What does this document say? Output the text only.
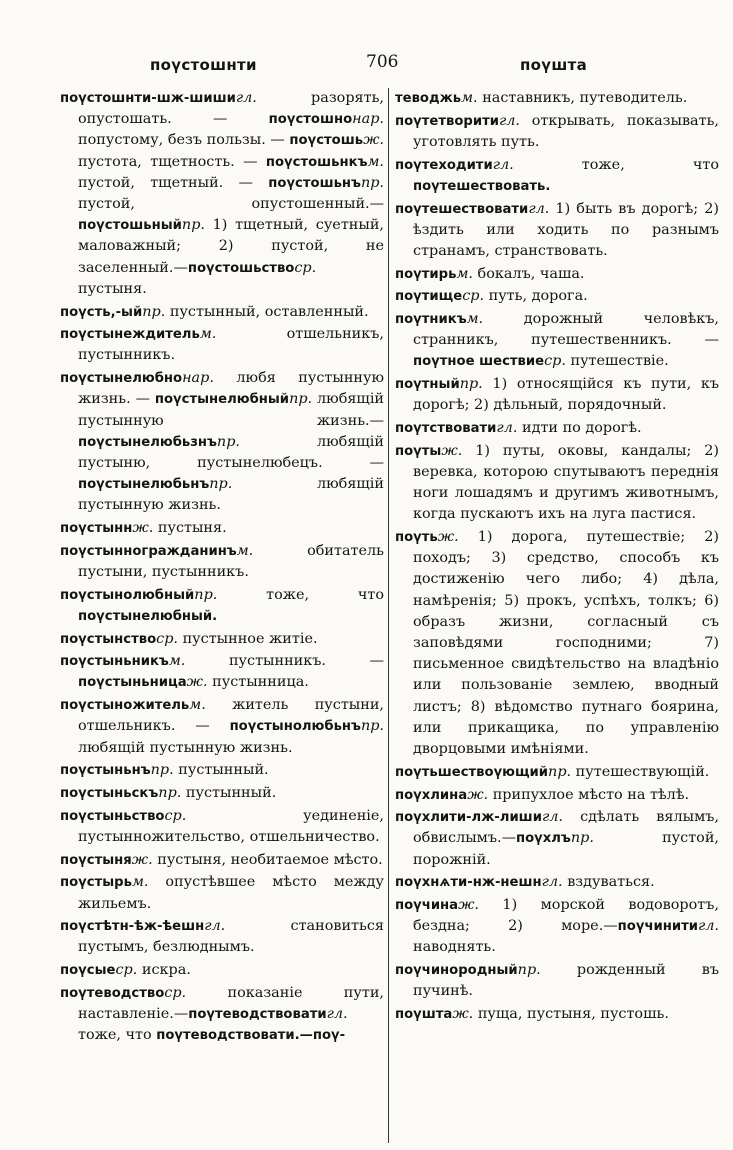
поүстошнти	706	поүшта

поүстошнти-шж-шишигл. разорять, опустошать. — поүстошнонар. попустому, безъ пользы. — поүстошьж. пустота, тщетность. — поүстошьнкъм. пустой, тщетный. — поүстошьнъпр. пустой, опустошенный.—поүстошьныйпр. 1) тщетный, суетный, маловажный; 2) пустой, не заселенный.—поүстошьствоср. пустыня.

поүсть,-ыйпр. пустынный, оставленный.

поүстынеждительм. отшельникъ, пустынникъ.

поүстынелюбнонар. любя пустынную жизнь. — поүстынелюбныйпр. любящій пустынную жизнь.—поүстынелюбьзнъпр. любящій пустыню, пустынелюбецъ. — поүстынелюбьнъпр. любящій пустынную жизнь.

поүстыннж. пустыня.

поүстынногражданинъм. обитатель пустыни, пустынникъ.

поүстынолюбныйпр. тоже, что поүстынелюбный.

поүстынствоср. пустынное житіе.

поүстыньникъм. пустынникъ. — поүстыньницаж. пустынница.

поүстыножительм. житель пустыни, отшельникъ. — поүстынолюбьнъпр. любящій пустынную жизнь.

поүстыньнъпр. пустынный.

поүстыньскъпр. пустынный.

поүстыньствоср. уединеніе, пустынножительство, отшельничество.

поүстыняж. пустыня, необитаемое мѣсто.

поүстырьм. опустѣвшее мѣсто между жильемъ.

поүстѣтн-ѣж-ѣешнгл. становиться пустымъ, безлюднымъ.

поүсыеср. искра.

поүтеводствоср. показаніе пути, наставленіе.—поүтеводствоватигл. тоже, что поүтеводствовати.—поү-

теводжьм. наставникъ, путеводитель.

поүтетворитигл. открывать, показывать, уготовлять путь.

поүтеходитигл. тоже, что поүтешествовать.

поүтешествоватигл. 1) быть въ дорогѣ; 2) ѣздить или ходить по разнымъ странамъ, странствовать.

поүтирьм. бокалъ, чаша.

поүтищеср. путь, дорога.

поүтникъм. дорожный человѣкъ, странникъ, путешественникъ. — поүтное шествиеср. путешествіе.

поүтныйпр. 1) относящійся къ пути, къ дорогѣ; 2) дѣльный, порядочный.

поүтствоватигл. идти по дорогѣ.

поүтыж. 1) путы, оковы, кандалы; 2) веревка, которою спутываютъ переднія ноги лошадямъ и другимъ животнымъ, когда пускаютъ ихъ на луга пастися.

поүтьж. 1) дорога, путешествіе; 2) походъ; 3) средство, способъ къ достиженію чего либо; 4) дѣла, намѣренія; 5) прокъ, успѣхъ, толкъ; 6) образъ жизни, согласный съ заповѣдями господними; 7) письменное свидѣтельство на владѣніо или пользованіе землею, вводный листъ; 8) вѣдомство путнаго боярина, или прикащика, по управленію дворцовыми имѣніями.

поүтьшествоүющийпр. путешествующій.

поүхлинаж. припухлое мѣсто на тѣлѣ.

поүхлити-лж-лишигл. сдѣлать вялымъ, обвислымъ.—поүхлъпр. пустой, порожній.

поүхнѧти-нж-нешнгл. вздуваться.

поүчинаж. 1) морской водоворотъ, бездна; 2) море.—поүчинитигл. наводнять.

поүчинородныйпр. рожденный въ пучинѣ.

поүштаж. пуща, пустыня, пустошь.
